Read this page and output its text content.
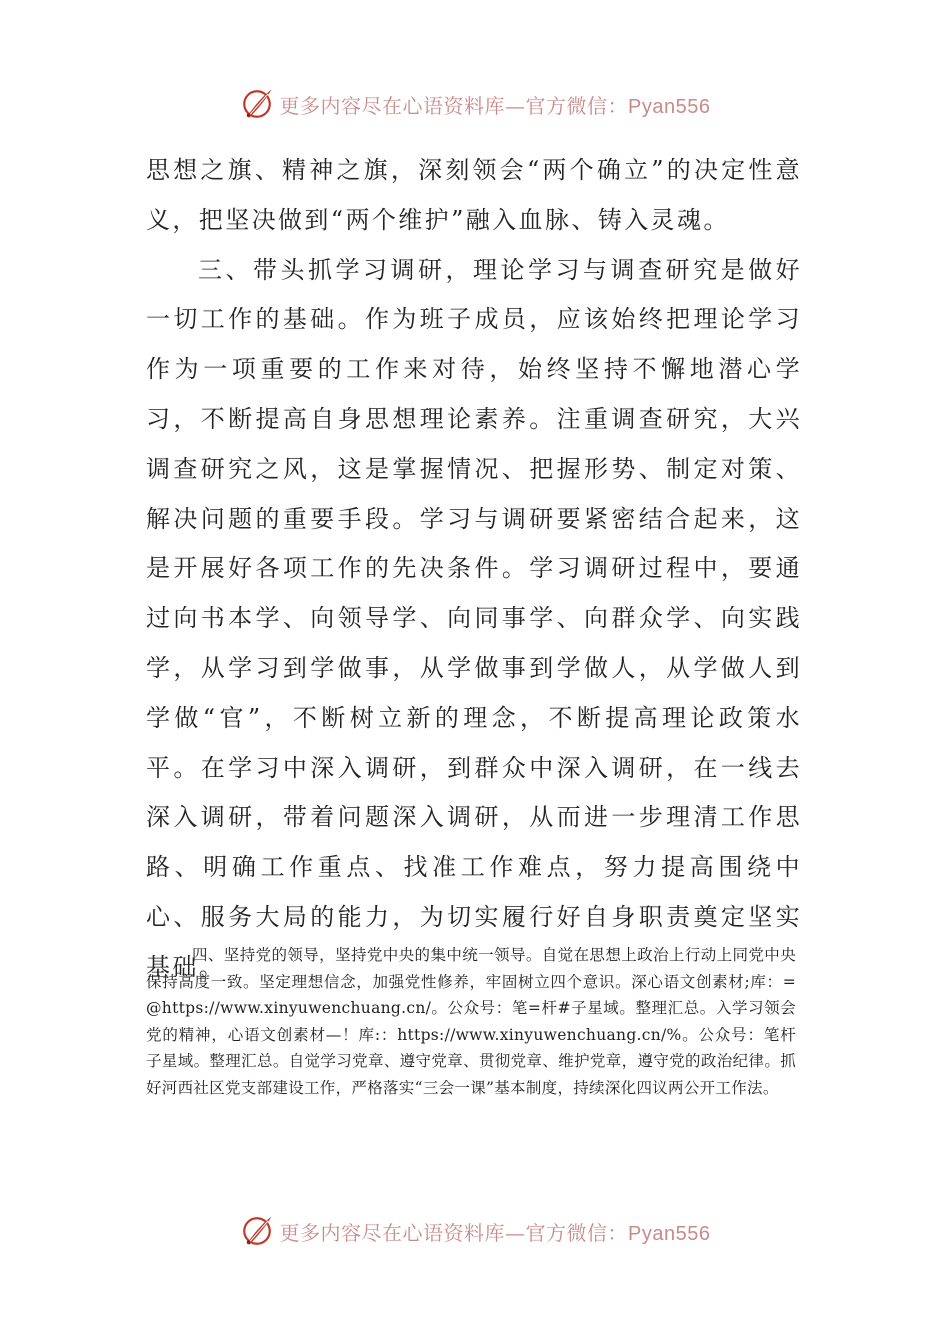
更多内容尽在心语资料库—官方微信：Pyan556

思想之旗、精神之旗，深刻领会“两个确立”的决定性意义，把坚决做到“两个维护”融入血脉、铸入灵魂。

三、带头抓学习调研，理论学习与调查研究是做好一切工作的基础。作为班子成员，应该始终把理论学习作为一项重要的工作来对待，始终坚持不懈地潜心学习，不断提高自身思想理论素养。注重调查研究，大兴调查研究之风，这是掌握情况、把握形势、制定对策、解决问题的重要手段。学习与调研要紧密结合起来，这是开展好各项工作的先决条件。学习调研过程中，要通过向书本学、向领导学、向同事学、向群众学、向实践学，从学习到学做事，从学做事到学做人，从学做人到学做“官”，不断树立新的理念，不断提高理论政策水平。在学习中深入调研，到群众中深入调研，在一线去深入调研，带着问题深入调研，从而进一步理清工作思路、明确工作重点、找准工作难点，努力提高围绕中心、服务大局的能力，为切实履行好自身职责奠定坚实基础。

四、坚持党的领导，坚持党中央的集中统一领导。自觉在思想上政治上行动上同党中央保持高度一致。坚定理想信念，加强党性修养，牢固树立四个意识。深心语文创素材;库：=@https://www.xinyuwenchuang.cn/。公众号：笔=杆#子星域。整理汇总。入学习领会党的精神，心语文创素材—！库:：https://www.xinyuwenchuang.cn/%。公众号：笔杆子星域。整理汇总。自觉学习党章、遵守党章、贯彻党章、维护党章，遵守党的政治纪律。抓好河西社区党支部建设工作，严格落实“三会一课”基本制度，持续深化四议两公开工作法。

更多内容尽在心语资料库—官方微信：Pyan556
